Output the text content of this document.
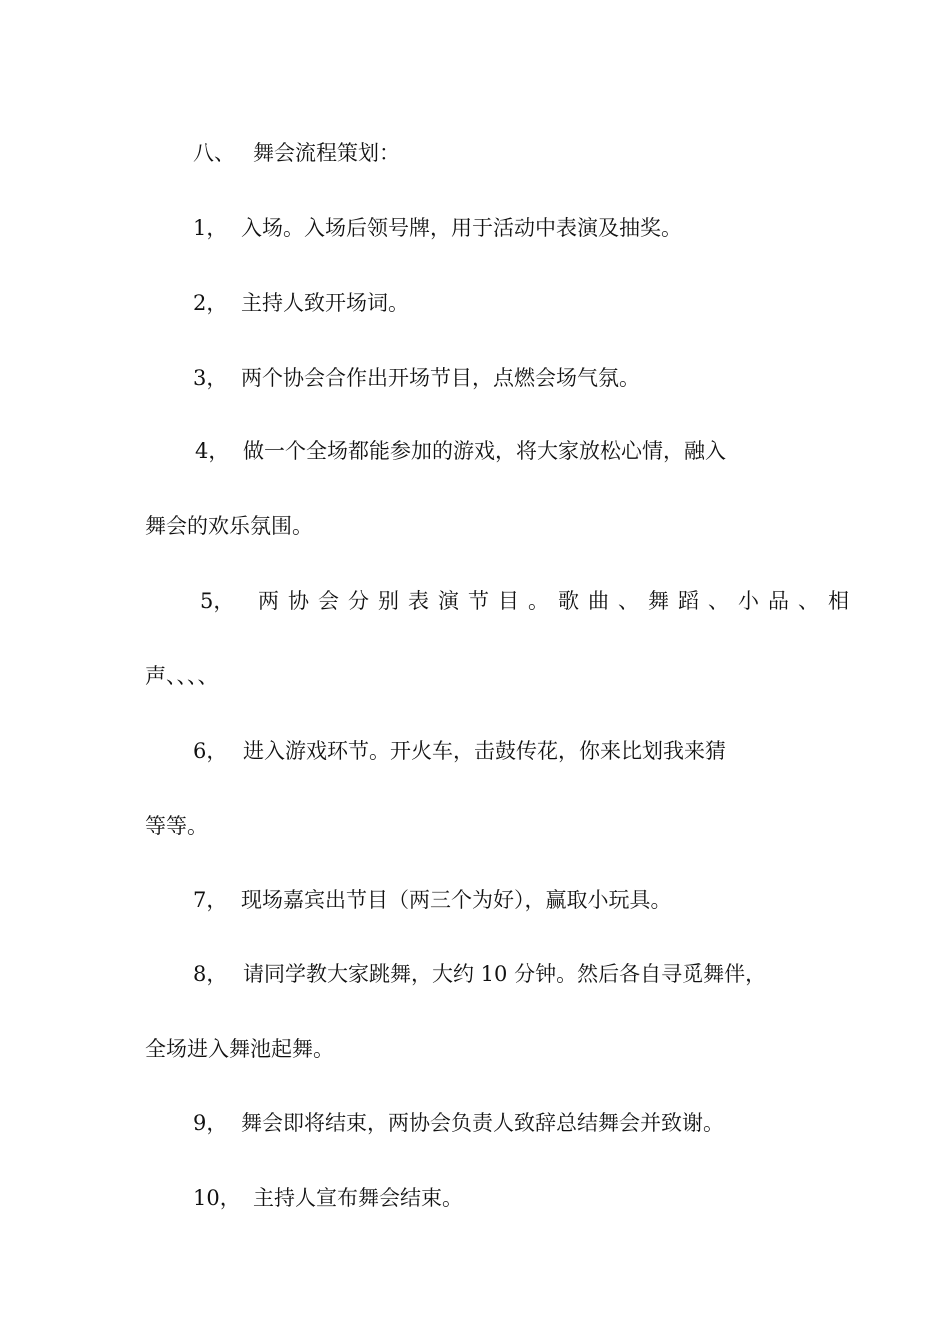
八、 舞会流程策划：
1， 入场。入场后领号牌，用于活动中表演及抽奖。
2， 主持人致开场词。
3， 两个协会合作出开场节目，点燃会场气氛。
4， 做一个全场都能参加的游戏，将大家放松心情，融入
舞会的欢乐氛围。
5， 两协会分别表演节目。歌曲、舞蹈、小品、相
声、、、、
6， 进入游戏环节。开火车，击鼓传花，你来比划我来猜
等等。
7， 现场嘉宾出节目（两三个为好），赢取小玩具。
8， 请同学教大家跳舞，大约 10 分钟。然后各自寻觅舞伴，
全场进入舞池起舞。
9， 舞会即将结束，两协会负责人致辞总结舞会并致谢。
10， 主持人宣布舞会结束。
